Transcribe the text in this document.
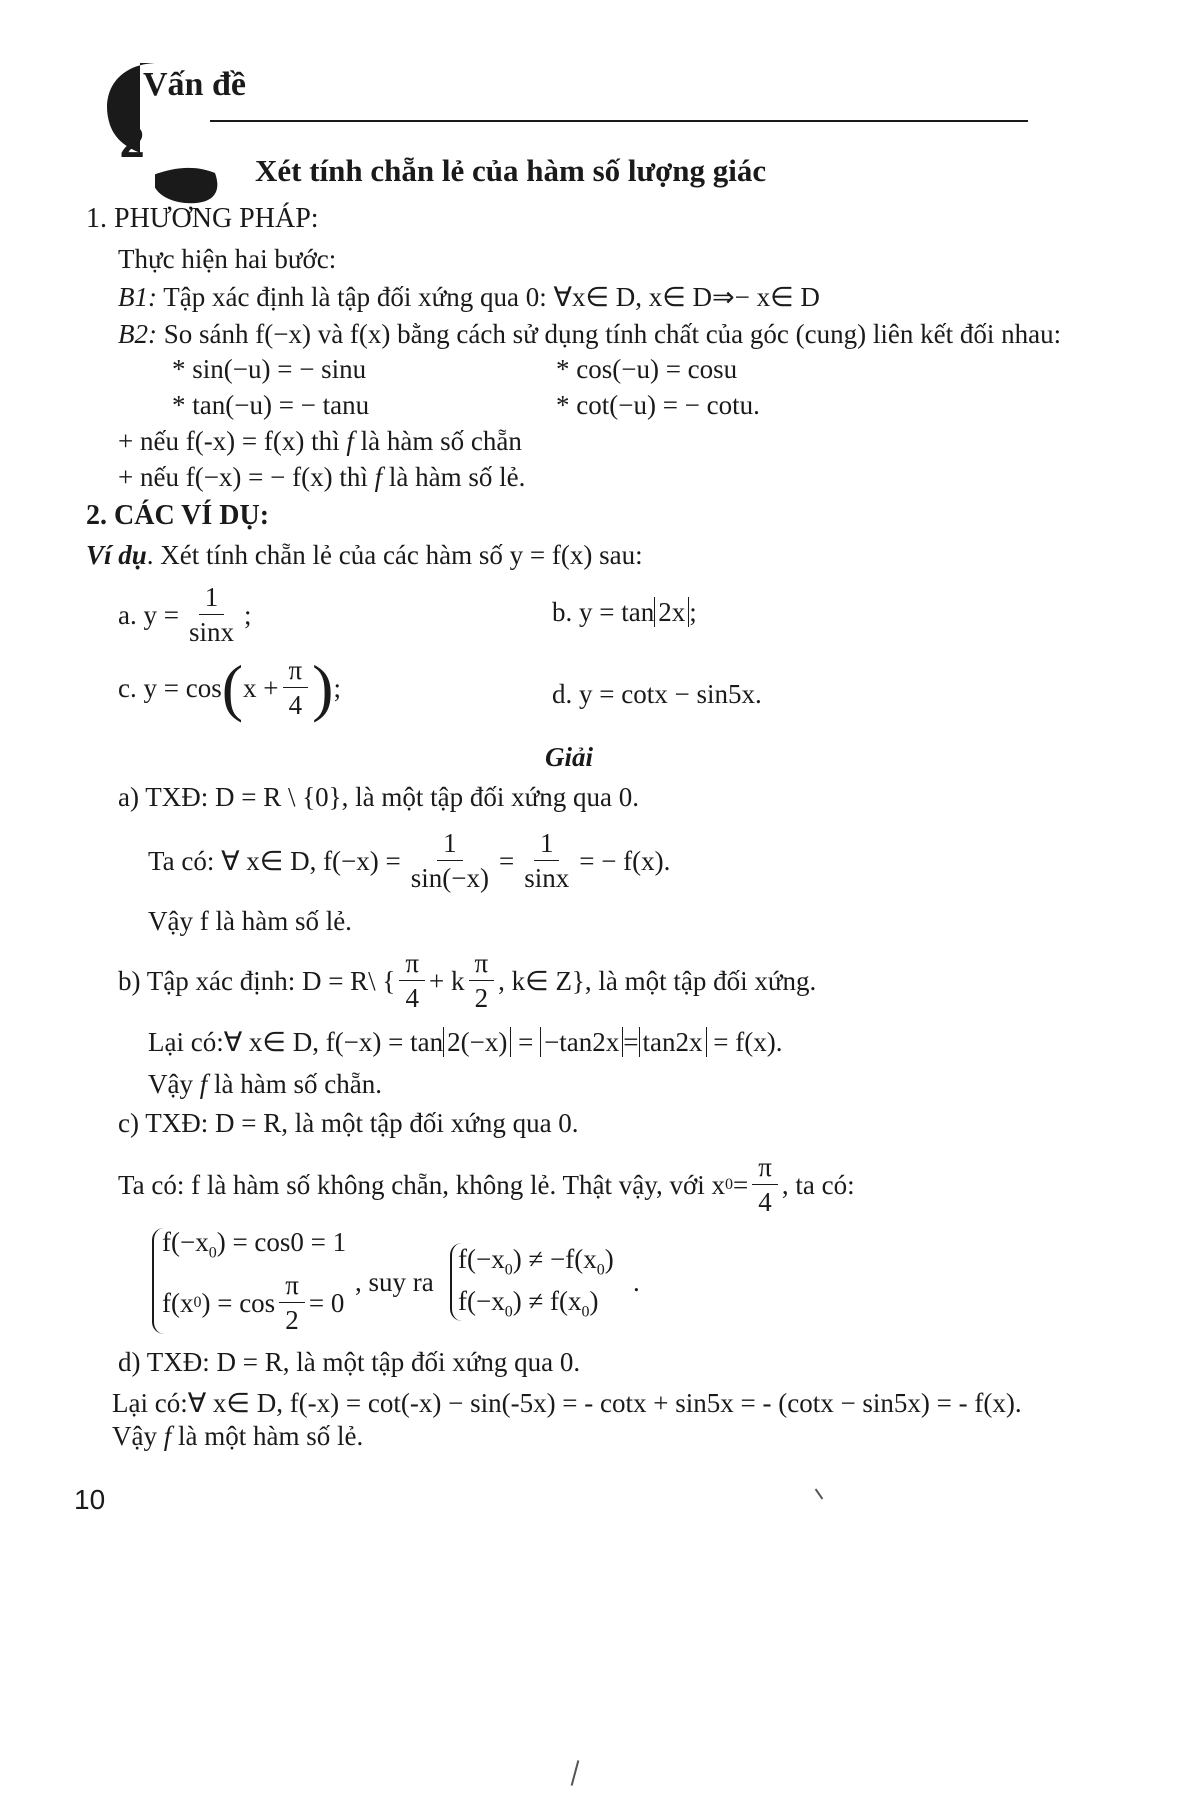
Vấn đề
2
Xét tính chẵn lẻ của hàm số lượng giác
1. PHƯƠNG PHÁP:
Thực hiện hai bước:
B1: Tập xác định là tập đối xứng qua 0: ∀x∈ D, x∈ D⇒− x∈ D
B2: So sánh f(−x) và f(x) bằng cách sử dụng tính chất của góc (cung) liên kết đối nhau:
* sin(−u) = − sinu	* cos(−u) = cosu
* tan(−u) = − tanu	* cot(−u) = − cotu.
+ nếu f(-x) = f(x) thì f là hàm số chẵn
+ nếu f(−x) = − f(x) thì f là hàm số lẻ.
2. CÁC VÍ DỤ:
Ví dụ. Xét tính chẵn lẻ của các hàm số y = f(x) sau:
a. $y = \frac{1}{\sin x}$ ;	b. y = tan 2x ;
c. y = cos ( $x + \frac{\pi}{4}$ ) ;	d. y = cotx − sin5x.
Giải
a) TXĐ: D = R \ {0}, là một tập đối xứng qua 0.
Ta có: ∀ x∈ D, $f(-x) = \frac{1}{\sin(-x)} = \frac{1}{\sin x}$ = − f(x).
Vậy f là hàm số lẻ.
b) Tập xác định: D = R\ { $\frac{\pi}{4} + k \frac{\pi}{2}$ , k∈ Z}, là một tập đối xứng.
Lại có:∀ x∈ D, f(−x) = tan 2(−x) = −tan2x = tan2x = f(x).
Vậy f là hàm số chẵn.
c) TXĐ: D = R, là một tập đối xứng qua 0.
Ta có: f là hàm số không chẵn, không lẻ. Thật vậy, với x $0 = \frac{\pi}{4}$ , ta có:
$f(-x_0) = \cos 0 = 1$
f(x 0 ) = $\cos \frac{\pi}{2} = 0$
, suy ra
$f(-x_0) \ne -f(x_0)$
$f(-x_0) \ne f(x_0)$
.
d) TXĐ: D = R, là một tập đối xứng qua 0.
Lại có:∀ x∈ D, f(-x) = cot(-x) − sin(-5x) = - cotx + sin5x = - (cotx − sin5x) = - f(x).
Vậy f là một hàm số lẻ.
10
